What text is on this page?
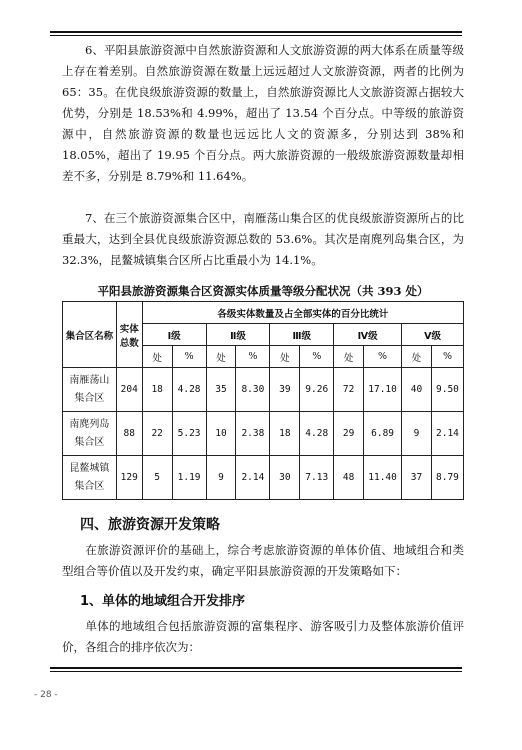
6、平阳县旅游资源中自然旅游资源和人文旅游资源的两大体系在质量等级上存在着差别。自然旅游资源在数量上远远超过人文旅游资源，两者的比例为 65：35。在优良级旅游资源的数量上，自然旅游资源比人文旅游资源占据较大优势，分别是 18.53%和 4.99%，超出了 13.54 个百分点。中等级的旅游资源中，自然旅游资源的数量也远远比人文的资源多，分别达到 38%和 18.05%，超出了 19.95 个百分点。两大旅游资源的一般级旅游资源数量却相差不多，分别是 8.79%和 11.64%。

7、在三个旅游资源集合区中，南雁荡山集合区的优良级旅游资源所占的比重最大，达到全县优良级旅游资源总数的 53.6%。其次是南麂列岛集合区，为 32.3%，昆鳌城镇集合区所占比重最小为 14.1%。

平阳县旅游资源集合区资源实体质量等级分配状况（共 393 处）
集合区名称	实体总数	各级实体数量及占全部实体的百分比统计									
		Ⅰ级		Ⅱ级		Ⅲ级		Ⅳ级		Ⅴ级	
		处	%	处	%	处	%	处	%	处	%
南雁荡山
集合区	204	18	4.28	35	8.30	39	9.26	72	17.10	40	9.50
南麂列岛
集合区	88	22	5.23	10	2.38	18	4.28	29	6.89	9	2.14
昆鳌城镇
集合区	129	5	1.19	9	2.14	30	7.13	48	11.40	37	8.79
四、旅游资源开发策略

在旅游资源评价的基础上，综合考虑旅游资源的单体价值、地域组合和类型组合等价值以及开发约束，确定平阳县旅游资源的开发策略如下：

1、单体的地域组合开发排序

单体的地域组合包括旅游资源的富集程序、游客吸引力及整体旅游价值评价，各组合的排序依次为：

- 28 -
